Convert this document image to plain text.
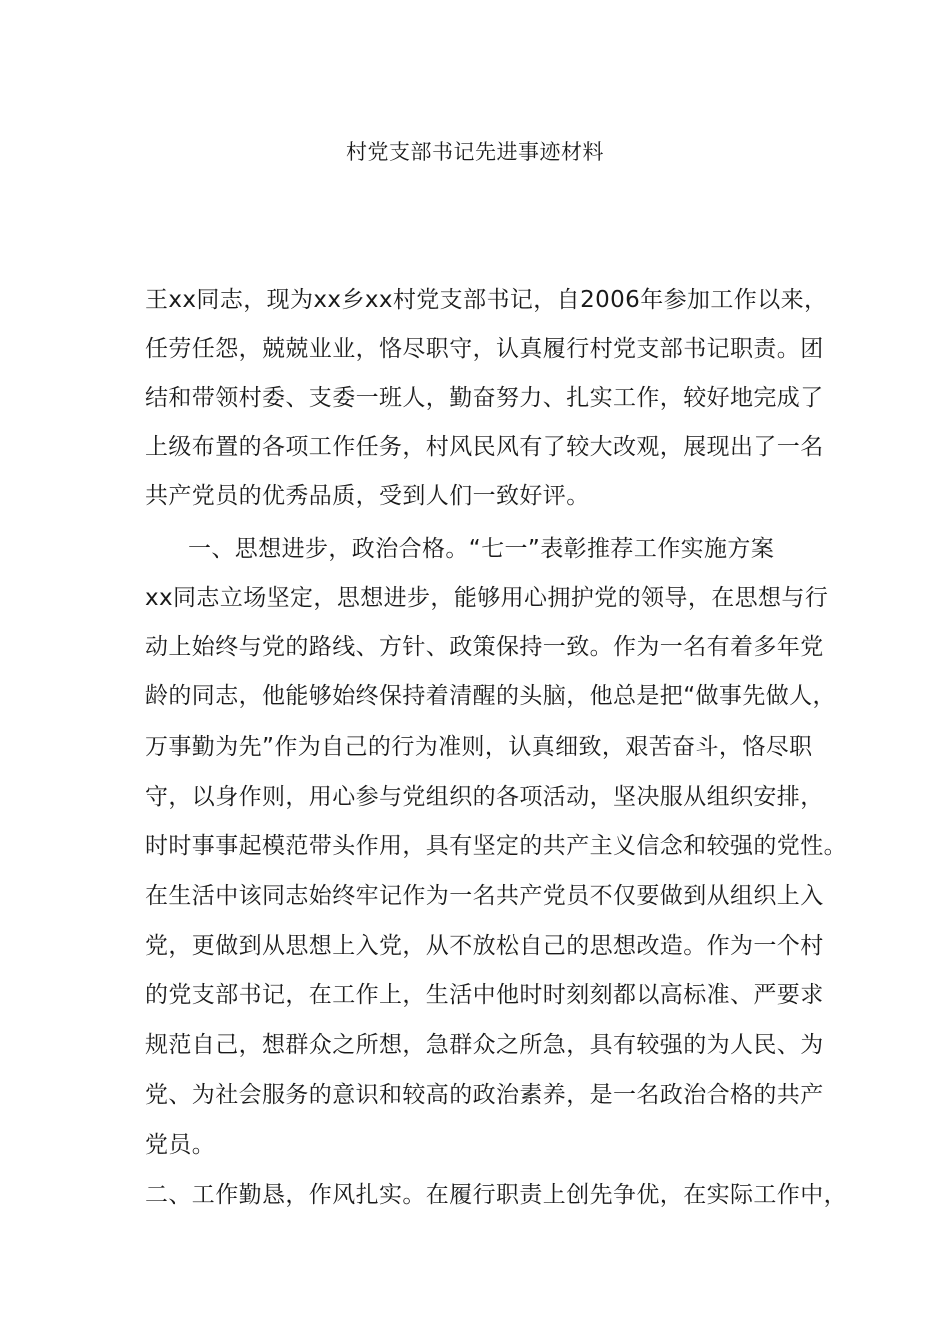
村党支部书记先进事迹材料
王xx同志，现为xx乡xx村党支部书记，自2006年参加工作以来，
任劳任怨，兢兢业业，恪尽职守，认真履行村党支部书记职责。团
结和带领村委、支委一班人，勤奋努力、扎实工作，较好地完成了
上级布置的各项工作任务，村风民风有了较大改观，展现出了一名
共产党员的优秀品质，受到人们一致好评。
一、思想进步，政治合格。“七一”表彰推荐工作实施方案
xx同志立场坚定，思想进步，能够用心拥护党的领导，在思想与行
动上始终与党的路线、方针、政策保持一致。作为一名有着多年党
龄的同志，他能够始终保持着清醒的头脑，他总是把“做事先做人，
万事勤为先”作为自己的行为准则，认真细致，艰苦奋斗，恪尽职
守，以身作则，用心参与党组织的各项活动，坚决服从组织安排，
时时事事起模范带头作用，具有坚定的共产主义信念和较强的党性。
在生活中该同志始终牢记作为一名共产党员不仅要做到从组织上入
党，更做到从思想上入党，从不放松自己的思想改造。作为一个村
的党支部书记，在工作上，生活中他时时刻刻都以高标准、严要求
规范自己，想群众之所想，急群众之所急，具有较强的为人民、为
党、为社会服务的意识和较高的政治素养，是一名政治合格的共产
党员。
二、工作勤恳，作风扎实。在履行职责上创先争优，在实际工作中，
